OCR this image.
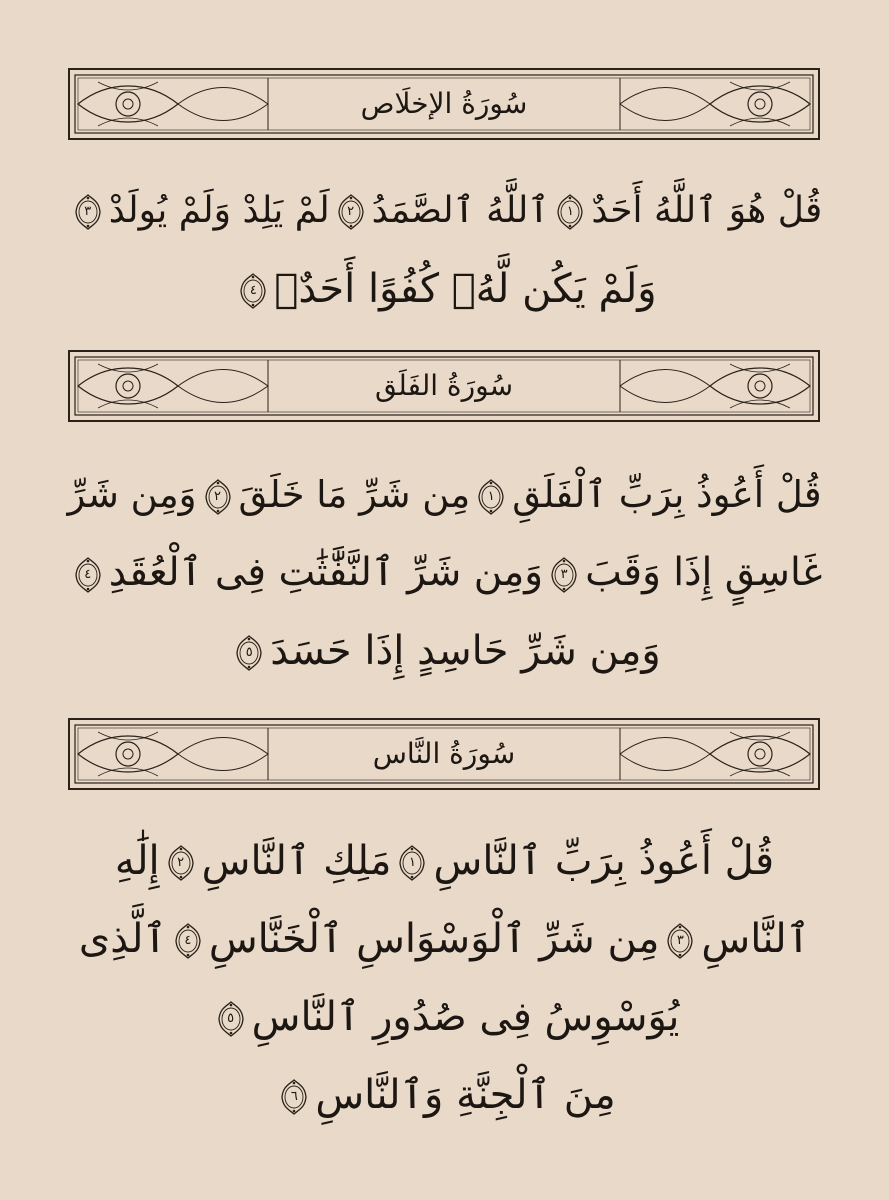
سُورَةُ الإخلَاص
قُلْ هُوَ ٱللَّهُ أَحَدٌ
١
ٱللَّهُ ٱلصَّمَدُ
٢
لَمْ يَلِدْ وَلَمْ يُولَدْ
٣
وَلَمْ يَكُن لَّهُۥ كُفُوًا أَحَدٌۢ
٤
سُورَةُ الفَلَق
قُلْ أَعُوذُ بِرَبِّ ٱلْفَلَقِ
١
مِن شَرِّ مَا خَلَقَ
٢
وَمِن شَرِّ
غَاسِقٍ إِذَا وَقَبَ
٣
وَمِن شَرِّ ٱلنَّفَّٰثَٰتِ فِى ٱلْعُقَدِ
٤
وَمِن شَرِّ حَاسِدٍ إِذَا حَسَدَ
٥
سُورَةُ النَّاس
قُلْ أَعُوذُ بِرَبِّ ٱلنَّاسِ
١
مَلِكِ ٱلنَّاسِ
٢
إِلَٰهِ
ٱلنَّاسِ
٣
مِن شَرِّ ٱلْوَسْوَاسِ ٱلْخَنَّاسِ
٤
ٱلَّذِى
يُوَسْوِسُ فِى صُدُورِ ٱلنَّاسِ
٥
مِنَ ٱلْجِنَّةِ وَٱلنَّاسِ
٦
